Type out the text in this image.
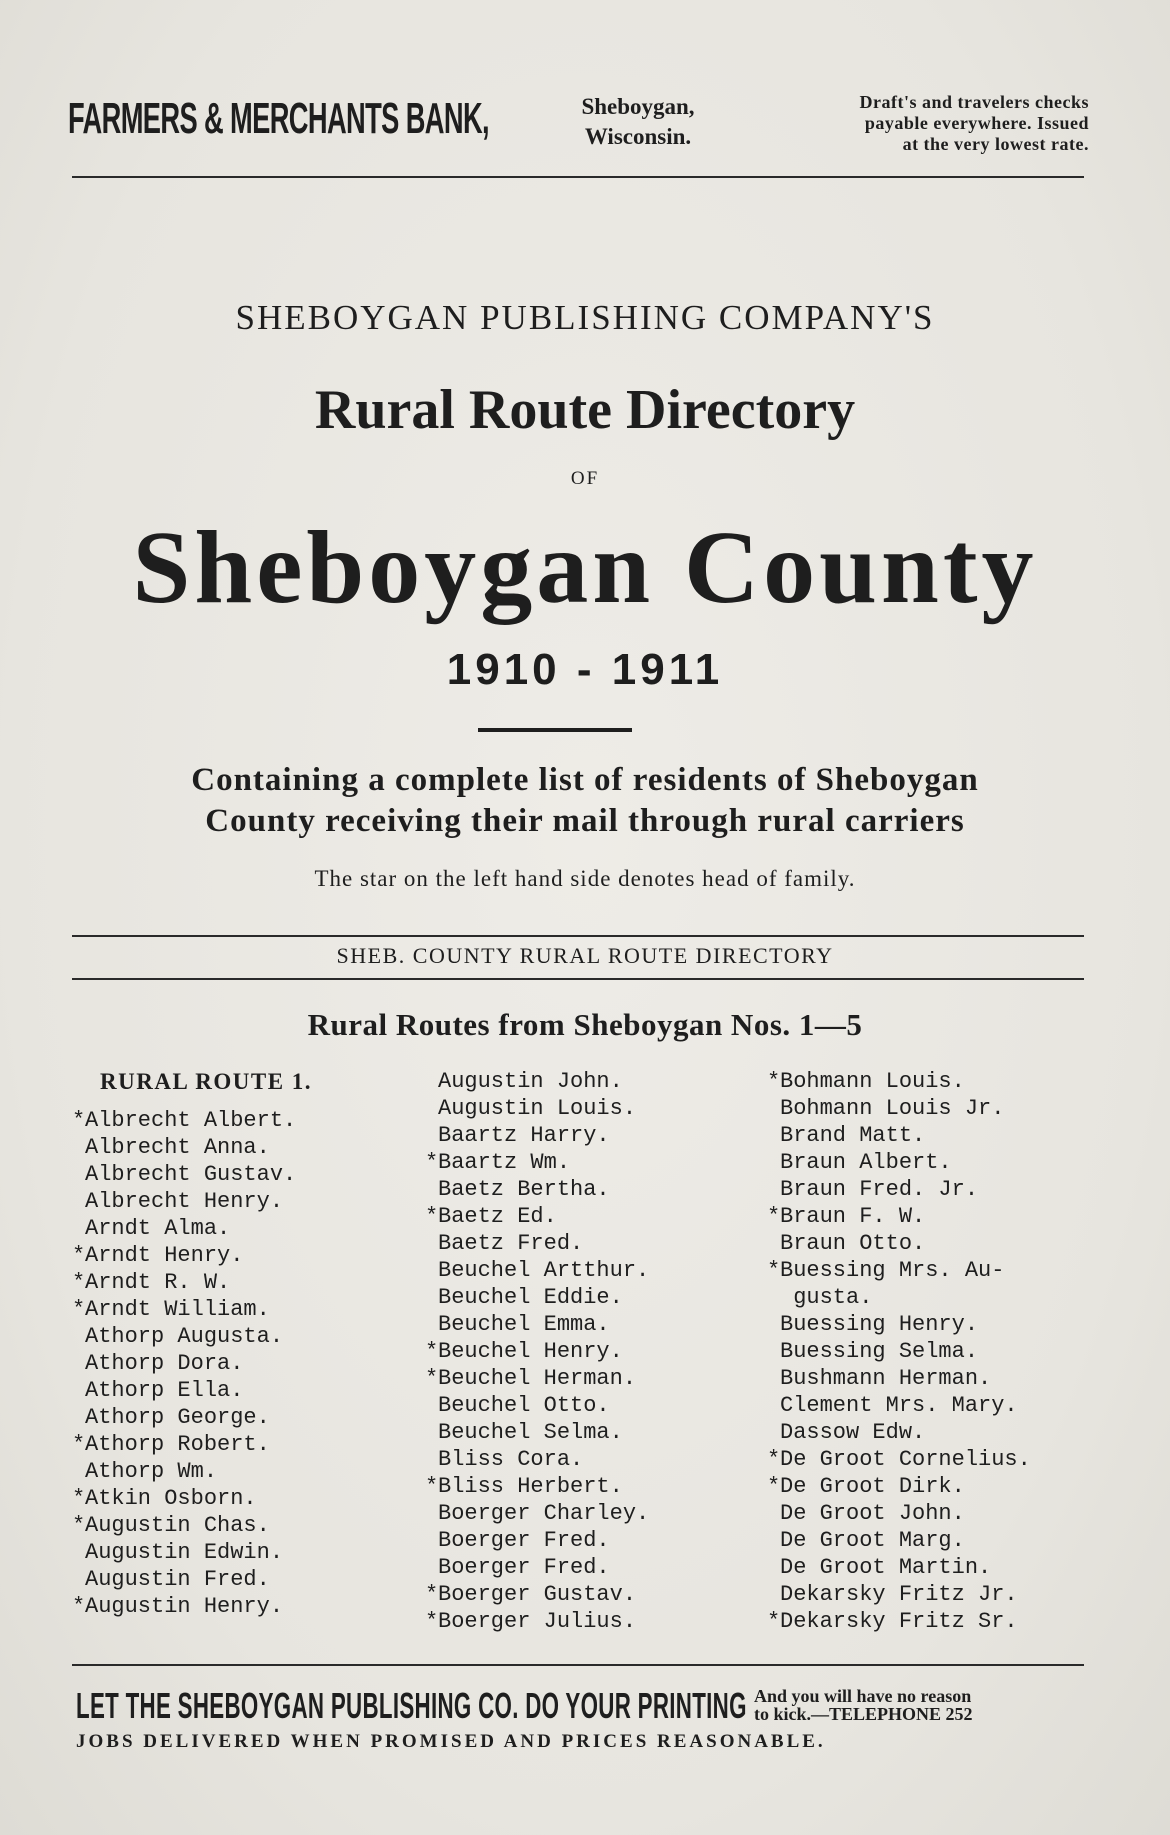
FARMERS & MERCHANTS BANK,	Sheboygan,
Wisconsin.
Draft's and travelers checks
payable everywhere. Issued
at the very lowest rate.
SHEBOYGAN PUBLISHING COMPANY'S
Rural Route Directory
OF
Sheboygan County
1910 - 1911
Containing a complete list of residents of Sheboygan
County receiving their mail through rural carriers
The star on the left hand side denotes head of family.
SHEB. COUNTY RURAL ROUTE DIRECTORY
Rural Routes from Sheboygan Nos. 1—5
RURAL ROUTE 1.
*Albrecht Albert.
Albrecht Anna.
Albrecht Gustav.
Albrecht Henry.
Arndt Alma.
*Arndt Henry.
*Arndt R. W.
*Arndt William.
Athorp Augusta.
Athorp Dora.
Athorp Ella.
Athorp George.
*Athorp Robert.
Athorp Wm.
*Atkin Osborn.
*Augustin Chas.
Augustin Edwin.
Augustin Fred.
*Augustin Henry.
Augustin John.
Augustin Louis.
Baartz Harry.
*Baartz Wm.
Baetz Bertha.
*Baetz Ed.
Baetz Fred.
Beuchel Artthur.
Beuchel Eddie.
Beuchel Emma.
*Beuchel Henry.
*Beuchel Herman.
Beuchel Otto.
Beuchel Selma.
Bliss Cora.
*Bliss Herbert.
Boerger Charley.
Boerger Fred.
Boerger Fred.
*Boerger Gustav.
*Boerger Julius.
*Bohmann Louis.
Bohmann Louis Jr.
Brand Matt.
Braun Albert.
Braun Fred. Jr.
*Braun F. W.
Braun Otto.
*Buessing Mrs. Au-
gusta.
Buessing Henry.
Buessing Selma.
Bushmann Herman.
Clement Mrs. Mary.
Dassow Edw.
*De Groot Cornelius.
*De Groot Dirk.
De Groot John.
De Groot Marg.
De Groot Martin.
Dekarsky Fritz Jr.
*Dekarsky Fritz Sr.
LET THE SHEBOYGAN PUBLISHING CO. DO YOUR PRINTING And you will have no reason
to kick.—TELEPHONE 252
JOBS DELIVERED WHEN PROMISED AND PRICES REASONABLE.
